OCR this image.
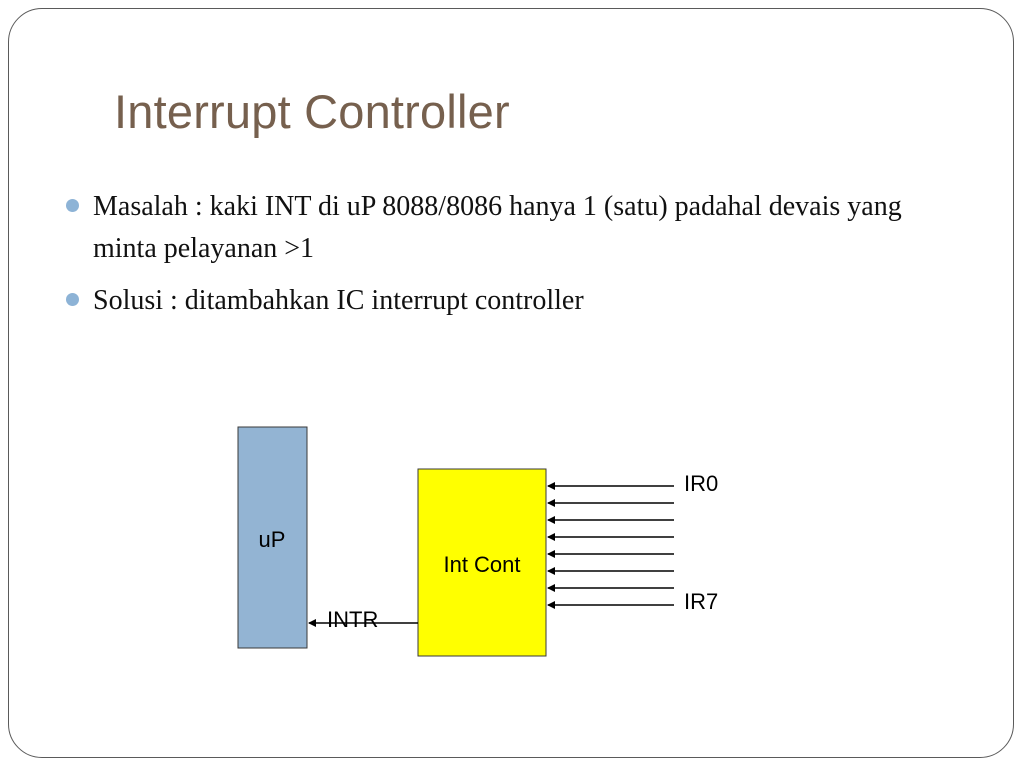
Interrupt Controller
Masalah : kaki INT di uP 8088/8086 hanya 1 (satu) padahal devais yang minta pelayanan >1
Solusi : ditambahkan IC interrupt controller
uP
Int Cont
INTR
IR0
IR7
